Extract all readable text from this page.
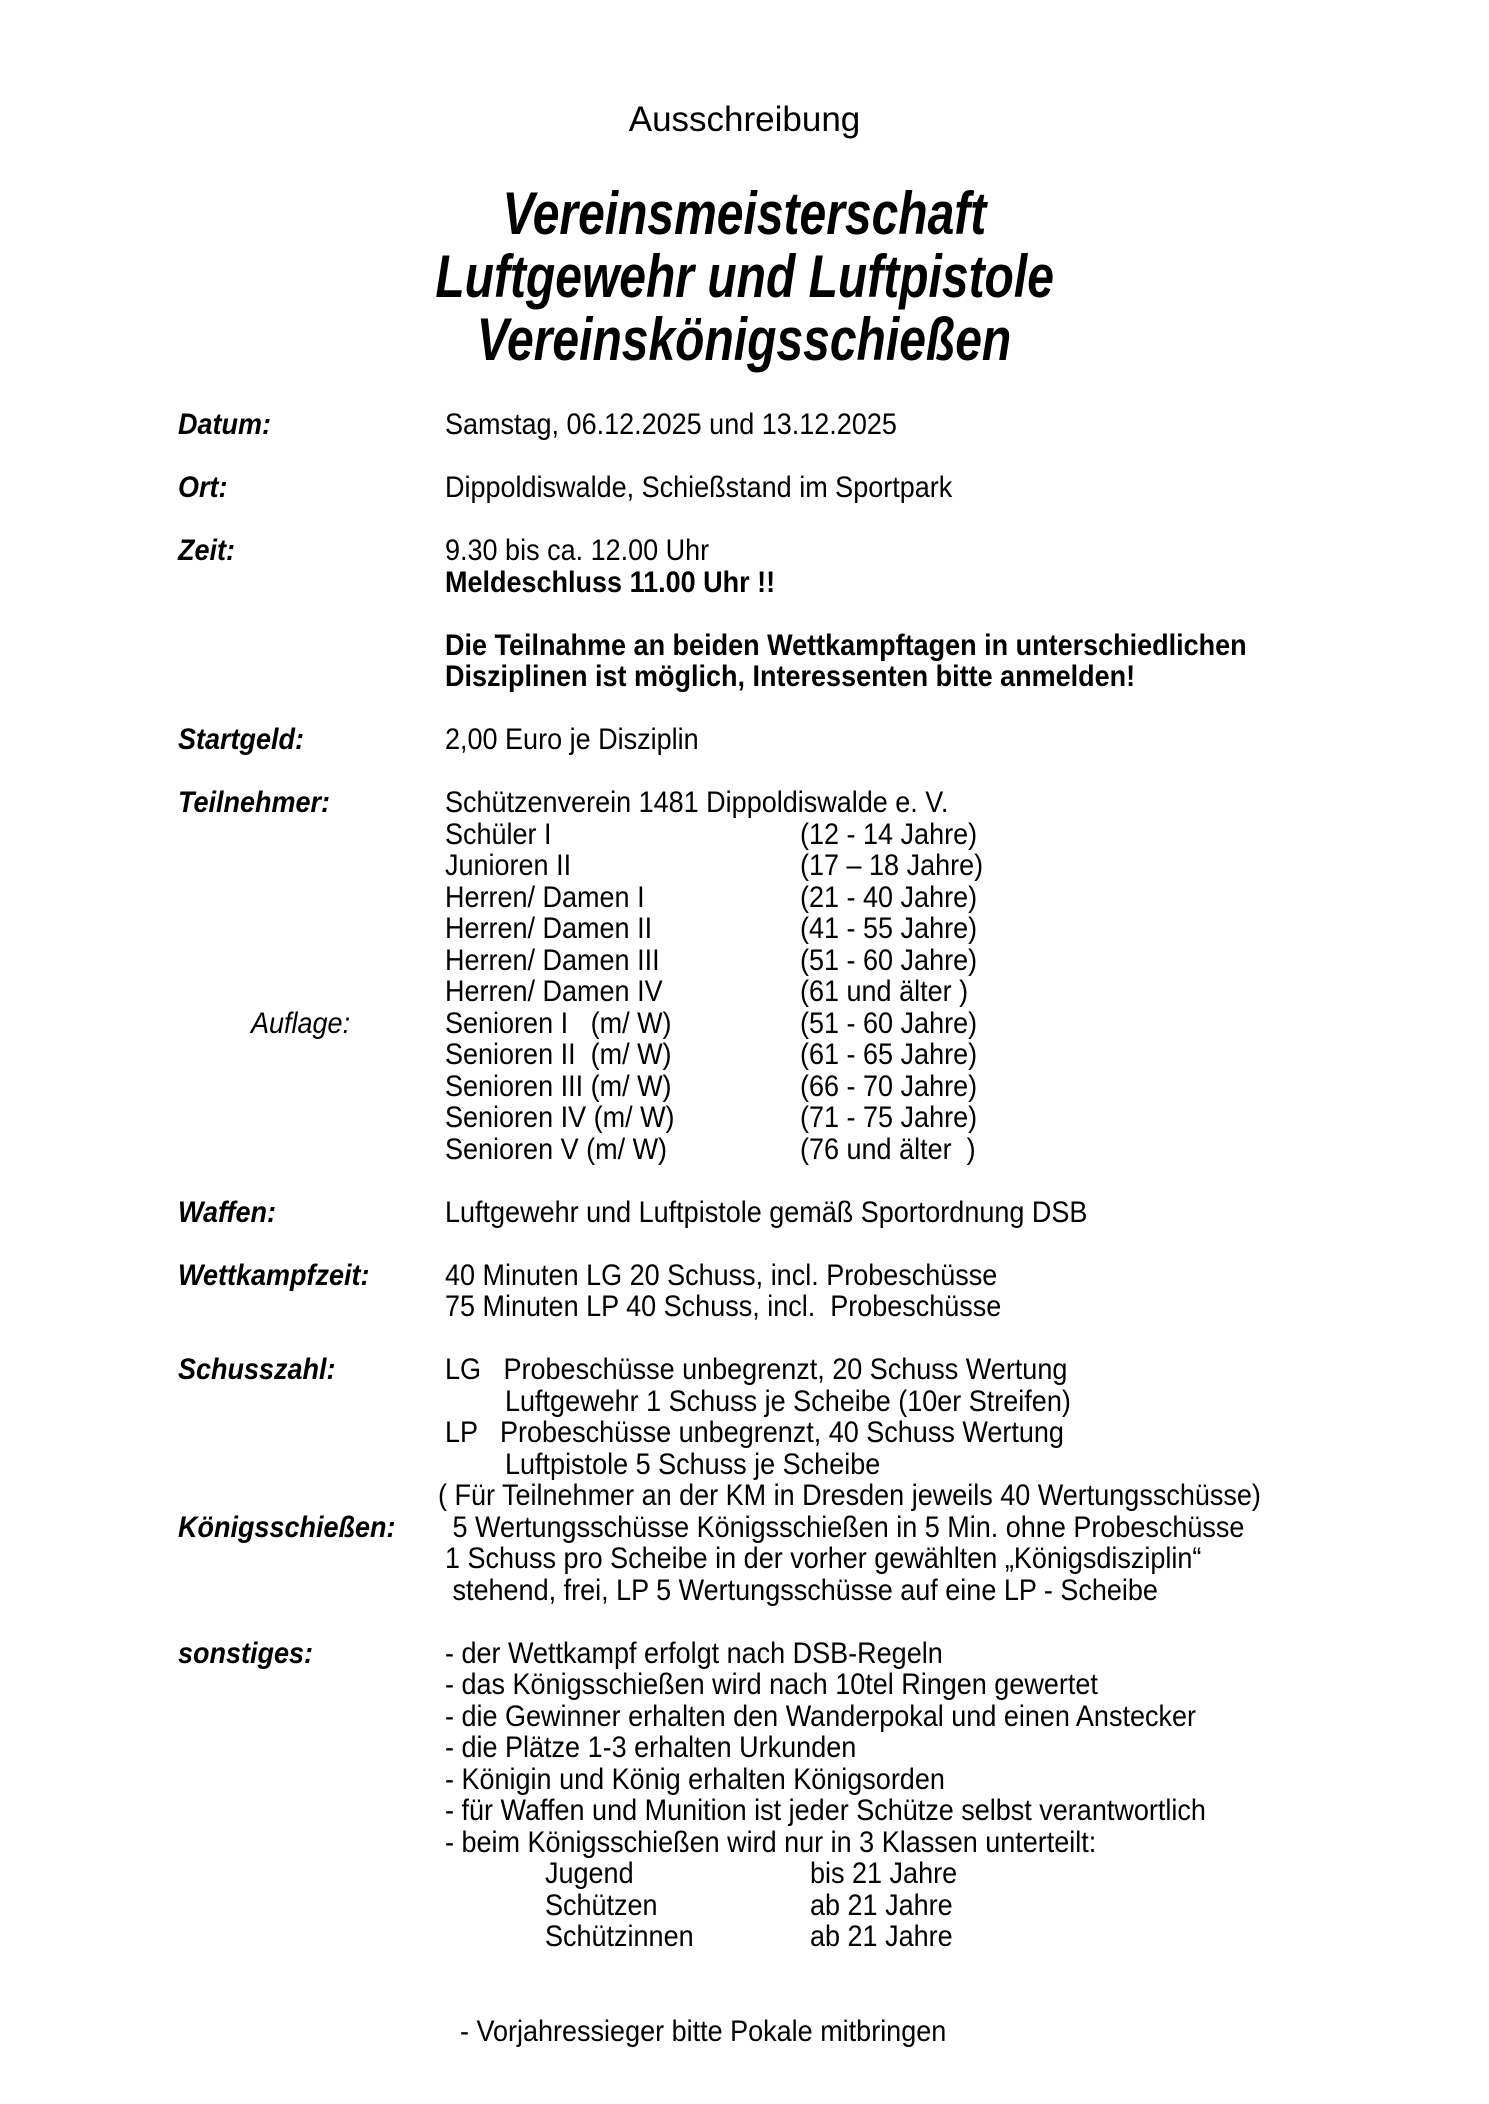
Ausschreibung
Vereinsmeisterschaft
Luftgewehr und Luftpistole
Vereinskönigsschießen
Datum:	Samstag, 06.12.2025 und 13.12.2025
Ort:	Dippoldiswalde, Schießstand im Sportpark
Zeit:	9.30 bis ca. 12.00 Uhr
Meldeschluss 11.00 Uhr !!
Die Teilnahme an beiden Wettkampftagen in unterschiedlichen
Disziplinen ist möglich, Interessenten bitte anmelden!
Startgeld:	2,00 Euro je Disziplin
Teilnehmer:	Schützenverein 1481 Dippoldiswalde e. V.
Schüler I	(12 - 14 Jahre)
Junioren II	(17 – 18 Jahre)
Herren/ Damen I	(21 - 40 Jahre)
Herren/ Damen II	(41 - 55 Jahre)
Herren/ Damen III	(51 - 60 Jahre)
Herren/ Damen IV	(61 und älter )
Auflage:	Senioren I   (m/ W)	(51 - 60 Jahre)
Senioren II  (m/ W)	(61 - 65 Jahre)
Senioren III (m/ W)	(66 - 70 Jahre)
Senioren IV (m/ W)	(71 - 75 Jahre)
Senioren V (m/ W)	(76 und älter  )
Waffen:	Luftgewehr und Luftpistole gemäß Sportordnung DSB
Wettkampfzeit:	40 Minuten LG 20 Schuss, incl. Probeschüsse
75 Minuten LP 40 Schuss, incl.  Probeschüsse
Schusszahl:	LG   Probeschüsse unbegrenzt, 20 Schuss Wertung
Luftgewehr 1 Schuss je Scheibe (10er Streifen)
LP   Probeschüsse unbegrenzt, 40 Schuss Wertung
Luftpistole 5 Schuss je Scheibe
( Für Teilnehmer an der KM in Dresden jeweils 40 Wertungsschüsse)
Königsschießen:	5 Wertungsschüsse Königsschießen in 5 Min. ohne Probeschüsse
1 Schuss pro Scheibe in der vorher gewählten „Königsdisziplin“
stehend, frei, LP 5 Wertungsschüsse auf eine LP - Scheibe
sonstiges:	- der Wettkampf erfolgt nach DSB-Regeln
- das Königsschießen wird nach 10tel Ringen gewertet
- die Gewinner erhalten den Wanderpokal und einen Anstecker
- die Plätze 1-3 erhalten Urkunden
- Königin und König erhalten Königsorden
- für Waffen und Munition ist jeder Schütze selbst verantwortlich
- beim Königsschießen wird nur in 3 Klassen unterteilt:
Jugend	bis 21 Jahre
Schützen	ab 21 Jahre
Schützinnen	ab 21 Jahre
- Vorjahressieger bitte Pokale mitbringen
